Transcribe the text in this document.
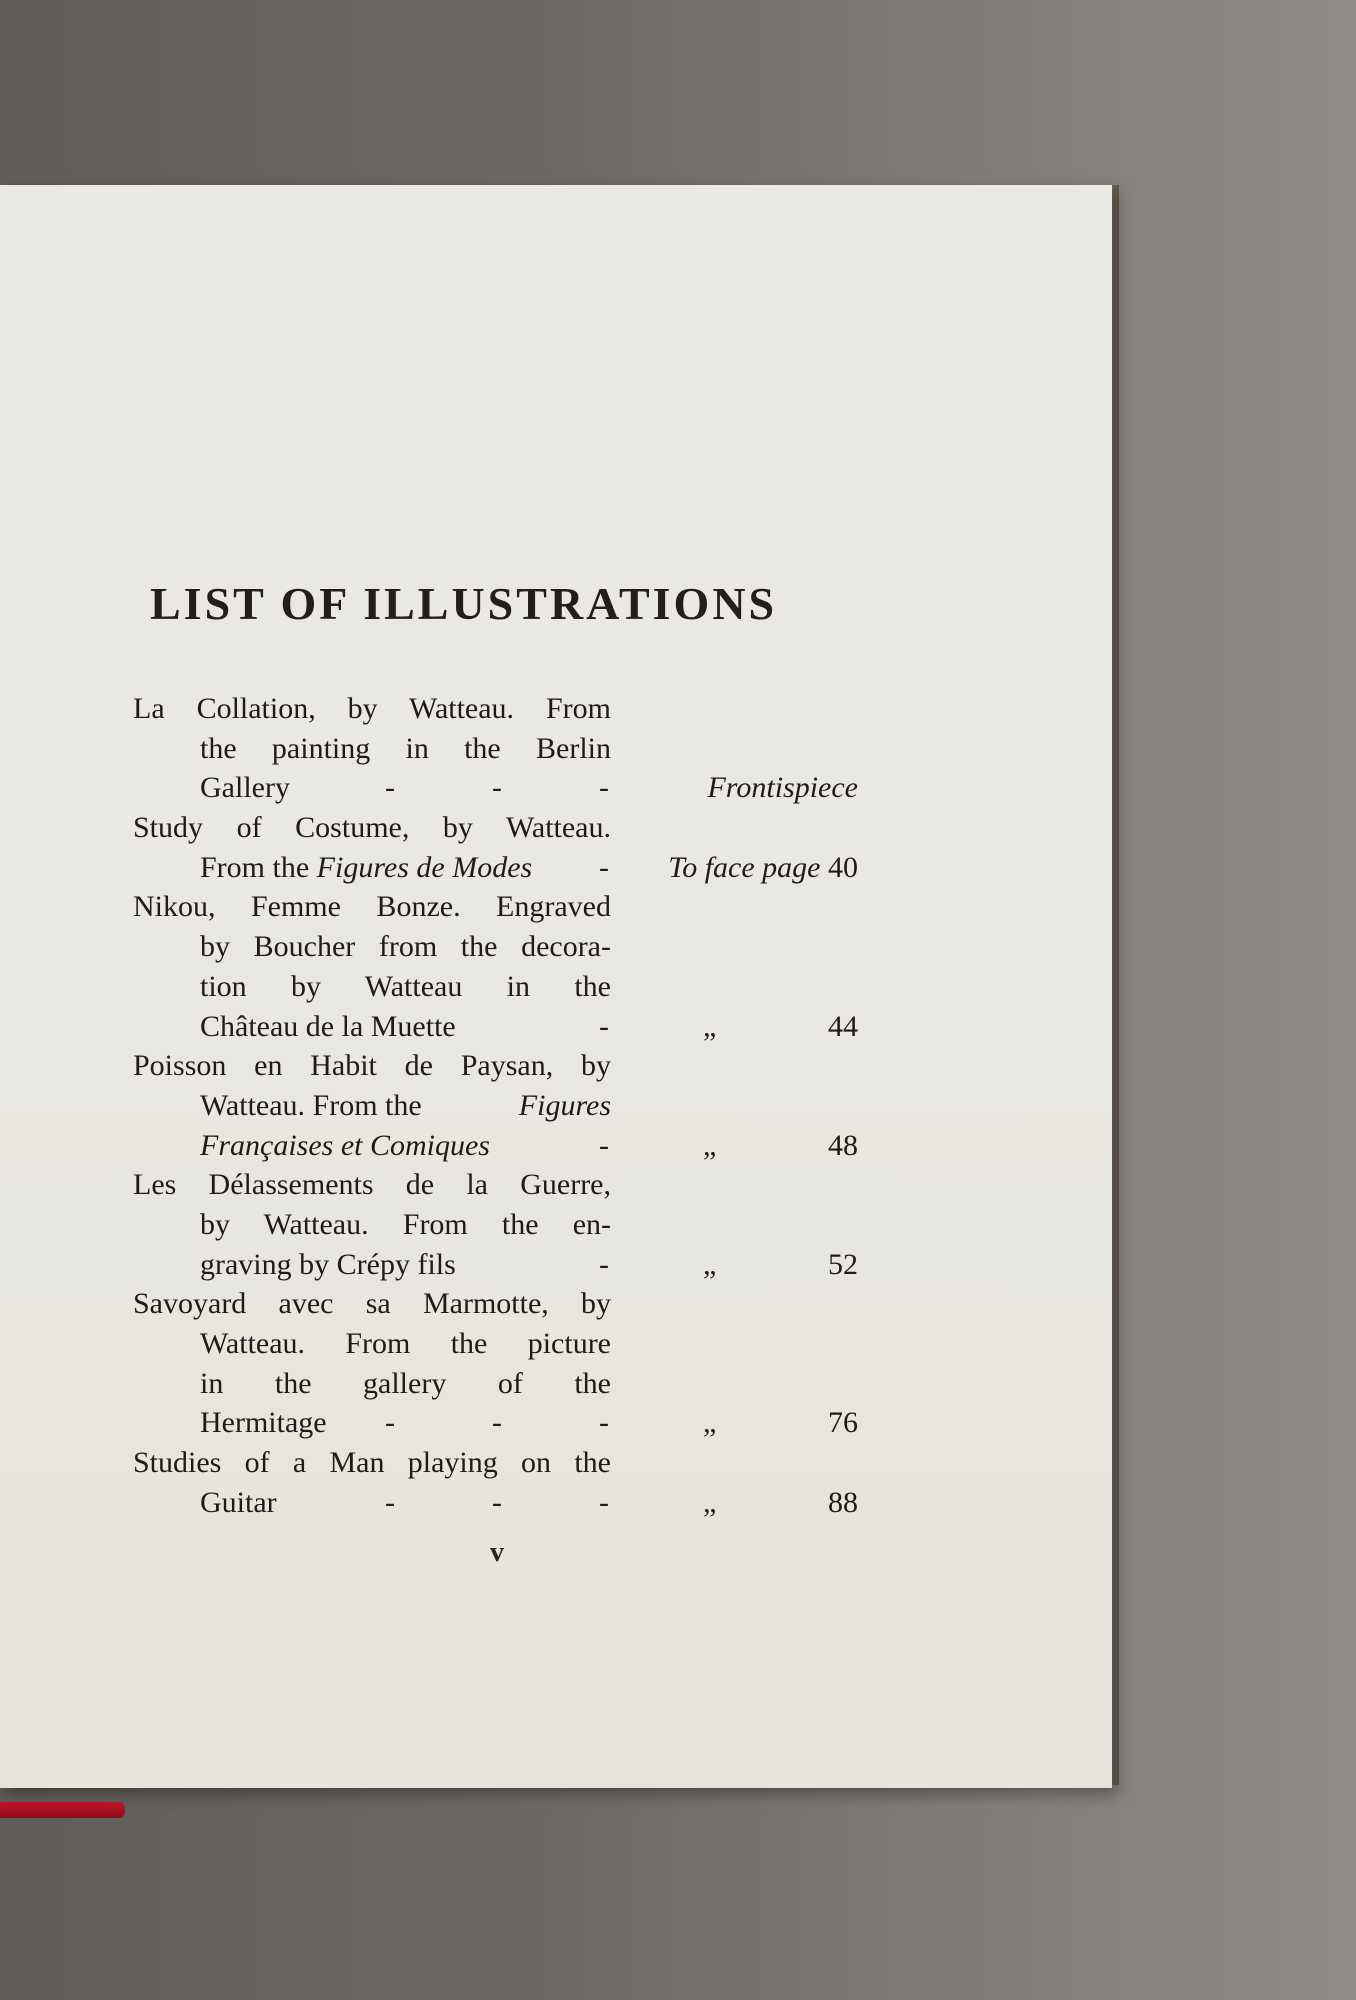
LIST OF ILLUSTRATIONS
La Collation, by Watteau. From
the painting in the Berlin
Gallery	-	-	-	Frontispiece
Study of Costume, by Watteau.
From the Figures de Modes - To face page 40
Nikou, Femme Bonze. Engraved
by Boucher from the decora-
tion by Watteau in the
Château de la Muette	-	„	44
Poisson en Habit de Paysan, by
Watteau. From the	Figures
Françaises et Comiques	-	„	48
Les Délassements de la Guerre,
by Watteau. From the en-
graving by Crépy fils	-	„	52
Savoyard avec sa Marmotte, by
Watteau. From the picture
in the gallery of the
Hermitage -	-	-	„	76
Studies of a Man playing on the
Guitar	-	-	-	„	88
v
